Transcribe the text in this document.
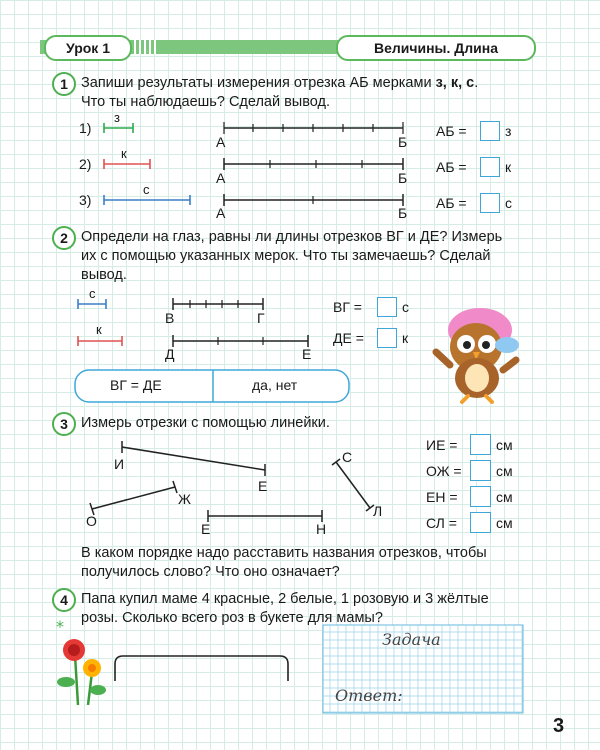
Урок 1	Величины. Длина
*
1 Запиши результаты измерения отрезка АБ мерками з, к, с.
Что ты наблюдаешь? Сделай вывод.
1)
з
А	Б
АБ =	з
2)
к
А	Б
АБ =	к
3)
с
А	Б
АБ =	с
2 Определи на глаз, равны ли длины отрезков ВГ и ДЕ? Измерь
их с помощью указанных мерок. Что ты замечаешь? Сделай
вывод.
с
к
В	Г
Д	Е
ВГ =	с
ДЕ =	к
ВГ = ДЕ	да, нет
3 Измерь отрезки с помощью линейки.
И
Е
С
Л
Ж
О	Е	Н
ИЕ =	см
ОЖ = см
ЕН =	см
СЛ =	см
В каком порядке надо расставить названия отрезков, чтобы
получилось слово? Что оно означает?
4 Папа купил маме 4 красные, 2 белые, 1 розовую и 3 жёлтые
розы. Сколько всего роз в букете для мамы?
Задача
Ответ:
3
